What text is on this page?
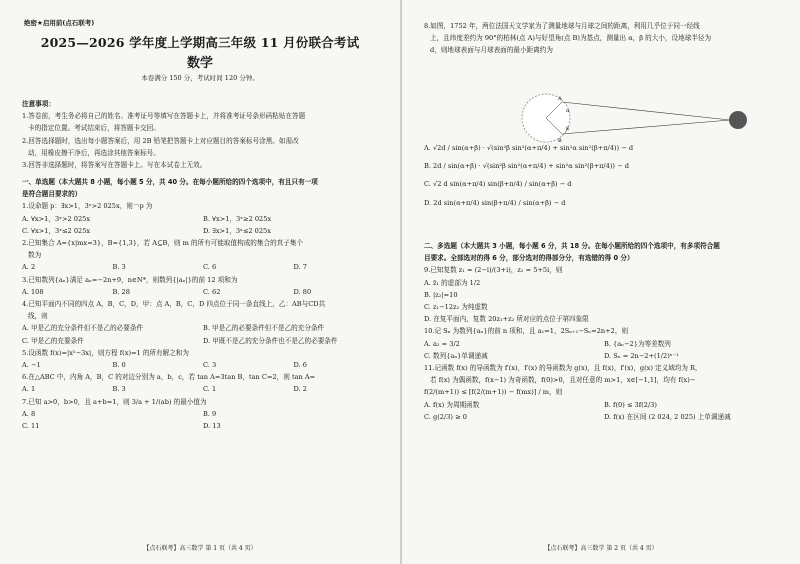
绝密★启用前(点石联考)
2025—2026 学年度上学期高三年级 11 月份联合考试
数学
本卷满分 150 分，考试时间 120 分钟。
注意事项：
1.答卷前，考生务必将自己的姓名、准考证号等填写在答题卡上，并将准考证号条形码粘贴在答题
卡的指定位置。考试结束后，将答题卡交回。
2.回答选择题时，选出每小题答案后，用 2B 铅笔把答题卡上对应题目的答案标号涂黑。如需改
动，用橡皮擦干净后，再选涂其他答案标号。
3.回答非选择题时，将答案写在答题卡上。写在本试卷上无效。
一、单选题（本大题共 8 小题，每小题 5 分，共 40 分。在每小题所给的四个选项中，有且只有一项
是符合题目要求的）
1.设命题 p：∃x>1，3ˣ>2 025x，则￢p 为
A. ∀x>1，3ˣ>2 025x	B. ∀x>1，3ˣ≥2 025x
C. ∀x>1，3ˣ≤2 025x	D. ∃x>1，3ˣ≤2 025x
2.已知集合 A={x|mx=3}，B={1,3}，若 A⊆B，则 m 的所有可能取值构成的集合的真子集个
数为
A. 2	B. 3	C. 6	D. 7
3.已知数列{aₙ}满足 aₙ=−2n+9，n∈N*，则数列{|aₙ|}的前 12 项和为
A. 108	B. 28	C. 62	D. 80
4.已知平面内不同的四点 A，B，C，D，甲：点 A，B，C，D 四点位于同一条直线上，乙：AB与CD共
线，则
A. 甲是乙的充分条件但不是乙的必要条件	B. 甲是乙的必要条件但不是乙的充分条件
C. 甲是乙的充要条件	D. 甲既不是乙的充分条件也不是乙的必要条件
5.设函数 f(x)=|x²−3x|，则方程 f(x)=1 的所有解之和为
A. −1	B. 0	C. 3	D. 6
6.在△ABC 中，内角 A，B，C 的对边分别为 a，b，c，若 tan A=3tan B，tan C=2，则 tan A=
A. 1	B. 3	C. 1	D. 2
7.已知 a>0，b>0，且 a+b=1，则 3/a + 1/(ab) 的最小值为
A. 8	B. 9
C. 11	D. 13
【点石联考】高三数学 第 1 页（共 4 页）
8.如图，1752 年，两位法国天文学家为了测量地球与月球之间的距离，利用几乎位于同一经线
上，且纬度差约为 90°的柏林(点 A)与好望角(点 B)为基点，测量出 α，β 的大小，设地球半径为
d，则地球表面与月球表面的最小距离约为
A
B
α
β
A. √2d / sin(α+β) · √(sin²β sin²(α+π/4) + sin²α sin²(β+π/4)) − d
B. 2d / sin(α+β) · √(sin²β sin²(α+π/4) + sin²α sin²(β+π/4)) − d
C. √2 d sin(α+π/4) sin(β+π/4) / sin(α+β) − d
D. 2d sin(α+π/4) sin(β+π/4) / sin(α+β) − d
二、多选题（本大题共 3 小题，每小题 6 分，共 18 分。在每小题所给的四个选项中，有多项符合题
目要求。全部选对的得 6 分，部分选对的得部分分，有选错的得 0 分）
9.已知复数 z₁ = (2−i)/(3+i)，z₂ = 5+5i，则
A. z̄₁ 的虚部为 1/2
B. |z₂|=10
C. z₁−12z₂ 为纯虚数
D. 在复平面内，复数 20z₁+z₂ 所对应的点位于第四象限
10.记 Sₙ 为数列{aₙ}的前 n 项和，且 a₁=1，2Sₙ₊₁−Sₙ=2n+2，则
A. a₂ = 3/2	B. {aₙ−2}为等差数列
C. 数列{aₙ}单调递减	D. Sₙ = 2n−2+(1/2)ⁿ⁻¹
11.记函数 f(x) 的导函数为 f′(x)，f′(x) 的导函数为 g(x)，且 f(x)，f′(x)，g(x) 定义域均为 R，
若 f(x) 为偶函数，f(x−1) 为奇函数，f(0)>0，且对任意的 m>1，x∈[−1,1]，均有 f(x)−
f(2/(m+1)) ≤ [f(2/(m+1)) − f(mx)] / m，则
A. f(x) 为周期函数	B. f(0) ≤ 3f(2/3)
C. g(2/3) ≥ 0	D. f(x) 在区间 (2 024, 2 025) 上单调递减
【点石联考】高三数学 第 2 页（共 4 页）
